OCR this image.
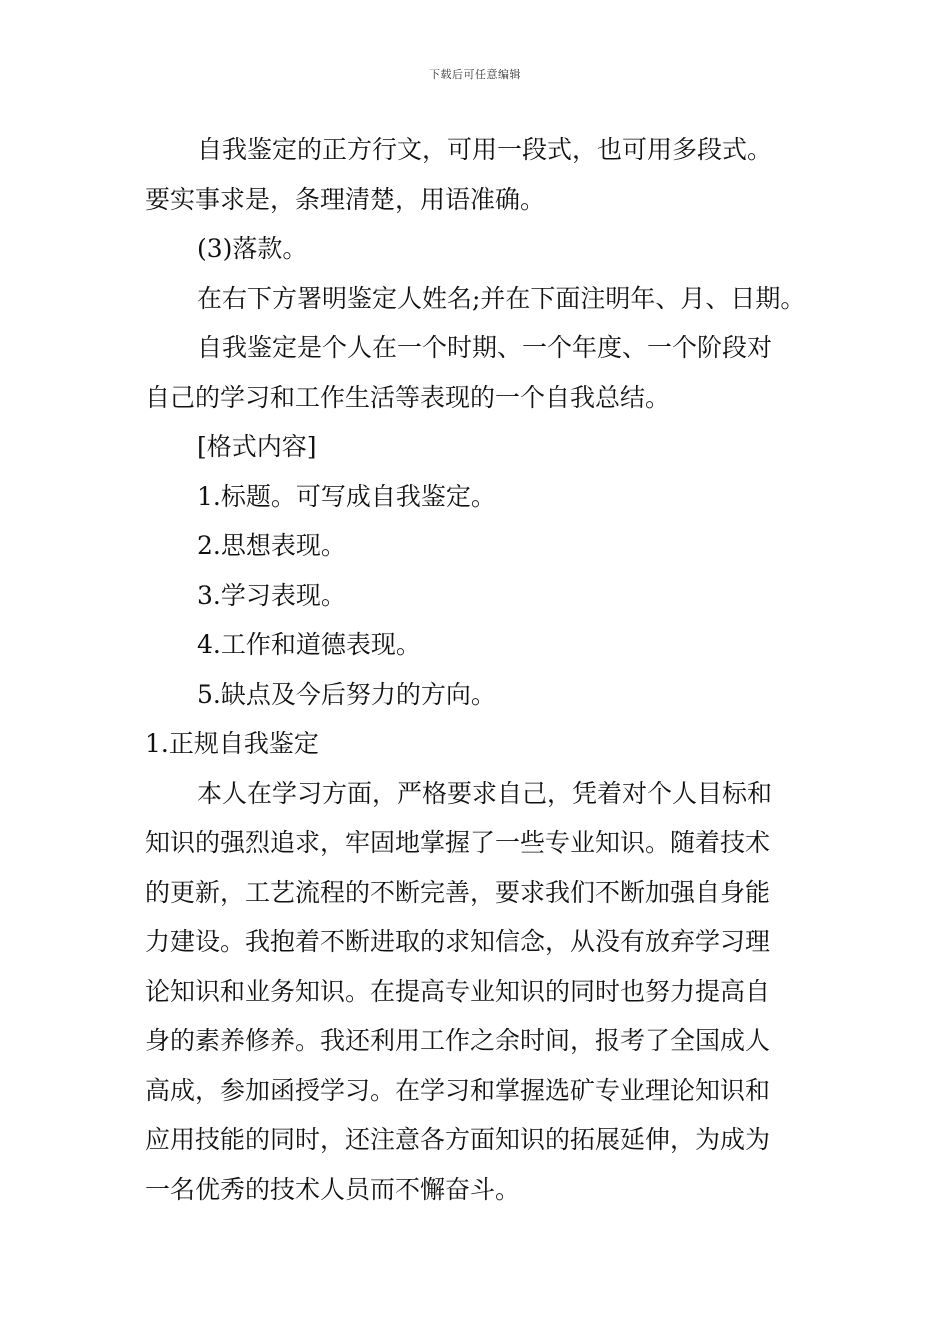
下载后可任意编辑

自我鉴定的正方行文，可用一段式，也可用多段式。

要实事求是，条理清楚，用语准确。

(3)落款。

在右下方署明鉴定人姓名;并在下面注明年、月、日期。

自我鉴定是个人在一个时期、一个年度、一个阶段对

自己的学习和工作生活等表现的一个自我总结。

[格式内容]

1.标题。可写成自我鉴定。

2.思想表现。

3.学习表现。

4.工作和道德表现。

5.缺点及今后努力的方向。

1.正规自我鉴定

本人在学习方面，严格要求自己，凭着对个人目标和

知识的强烈追求，牢固地掌握了一些专业知识。随着技术

的更新，工艺流程的不断完善，要求我们不断加强自身能

力建设。我抱着不断进取的求知信念，从没有放弃学习理

论知识和业务知识。在提高专业知识的同时也努力提高自

身的素养修养。我还利用工作之余时间，报考了全国成人

高成，参加函授学习。在学习和掌握选矿专业理论知识和

应用技能的同时，还注意各方面知识的拓展延伸，为成为

一名优秀的技术人员而不懈奋斗。
